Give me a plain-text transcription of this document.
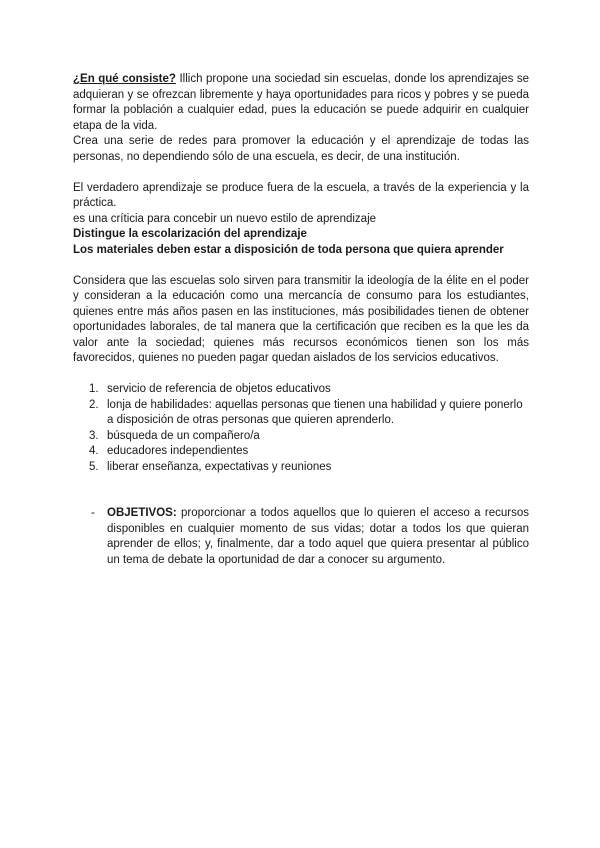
¿En qué consiste? Illich propone una sociedad sin escuelas, donde los aprendizajes se adquieran y se ofrezcan libremente y haya oportunidades para ricos y pobres y se pueda formar la población a cualquier edad, pues la educación se puede adquirir en cualquier etapa de la vida.

Crea una serie de redes para promover la educación y el aprendizaje de todas las personas, no dependiendo sólo de una escuela, es decir, de una institución.

El verdadero aprendizaje se produce fuera de la escuela, a través de la experiencia y la práctica.

es una críticia para concebir un nuevo estilo de aprendizaje

Distingue la escolarización del aprendizaje

Los materiales deben estar a disposición de toda persona que quiera aprender

Considera que las escuelas solo sirven para transmitir la ideología de la élite en el poder y consideran a la educación como una mercancía de consumo para los estudiantes, quienes entre más años pasen en las instituciones, más posibilidades tienen de obtener oportunidades laborales, de tal manera que la certificación que reciben es la que les da valor ante la sociedad; quienes más recursos económicos tienen son los más favorecidos, quienes no pueden pagar quedan aislados de los servicios educativos.

1. servicio de referencia de objetos educativos
2. lonja de habilidades: aquellas personas que tienen una habilidad y quiere ponerlo a disposición de otras personas que quieren aprenderlo.
3. búsqueda de un compañero/a
4. educadores independientes
5. liberar enseñanza, expectativas y reuniones

- OBJETIVOS: proporcionar a todos aquellos que lo quieren el acceso a recursos disponibles en cualquier momento de sus vidas; dotar a todos los que quieran aprender de ellos; y, finalmente, dar a todo aquel que quiera presentar al público un tema de debate la oportunidad de dar a conocer su argumento.
